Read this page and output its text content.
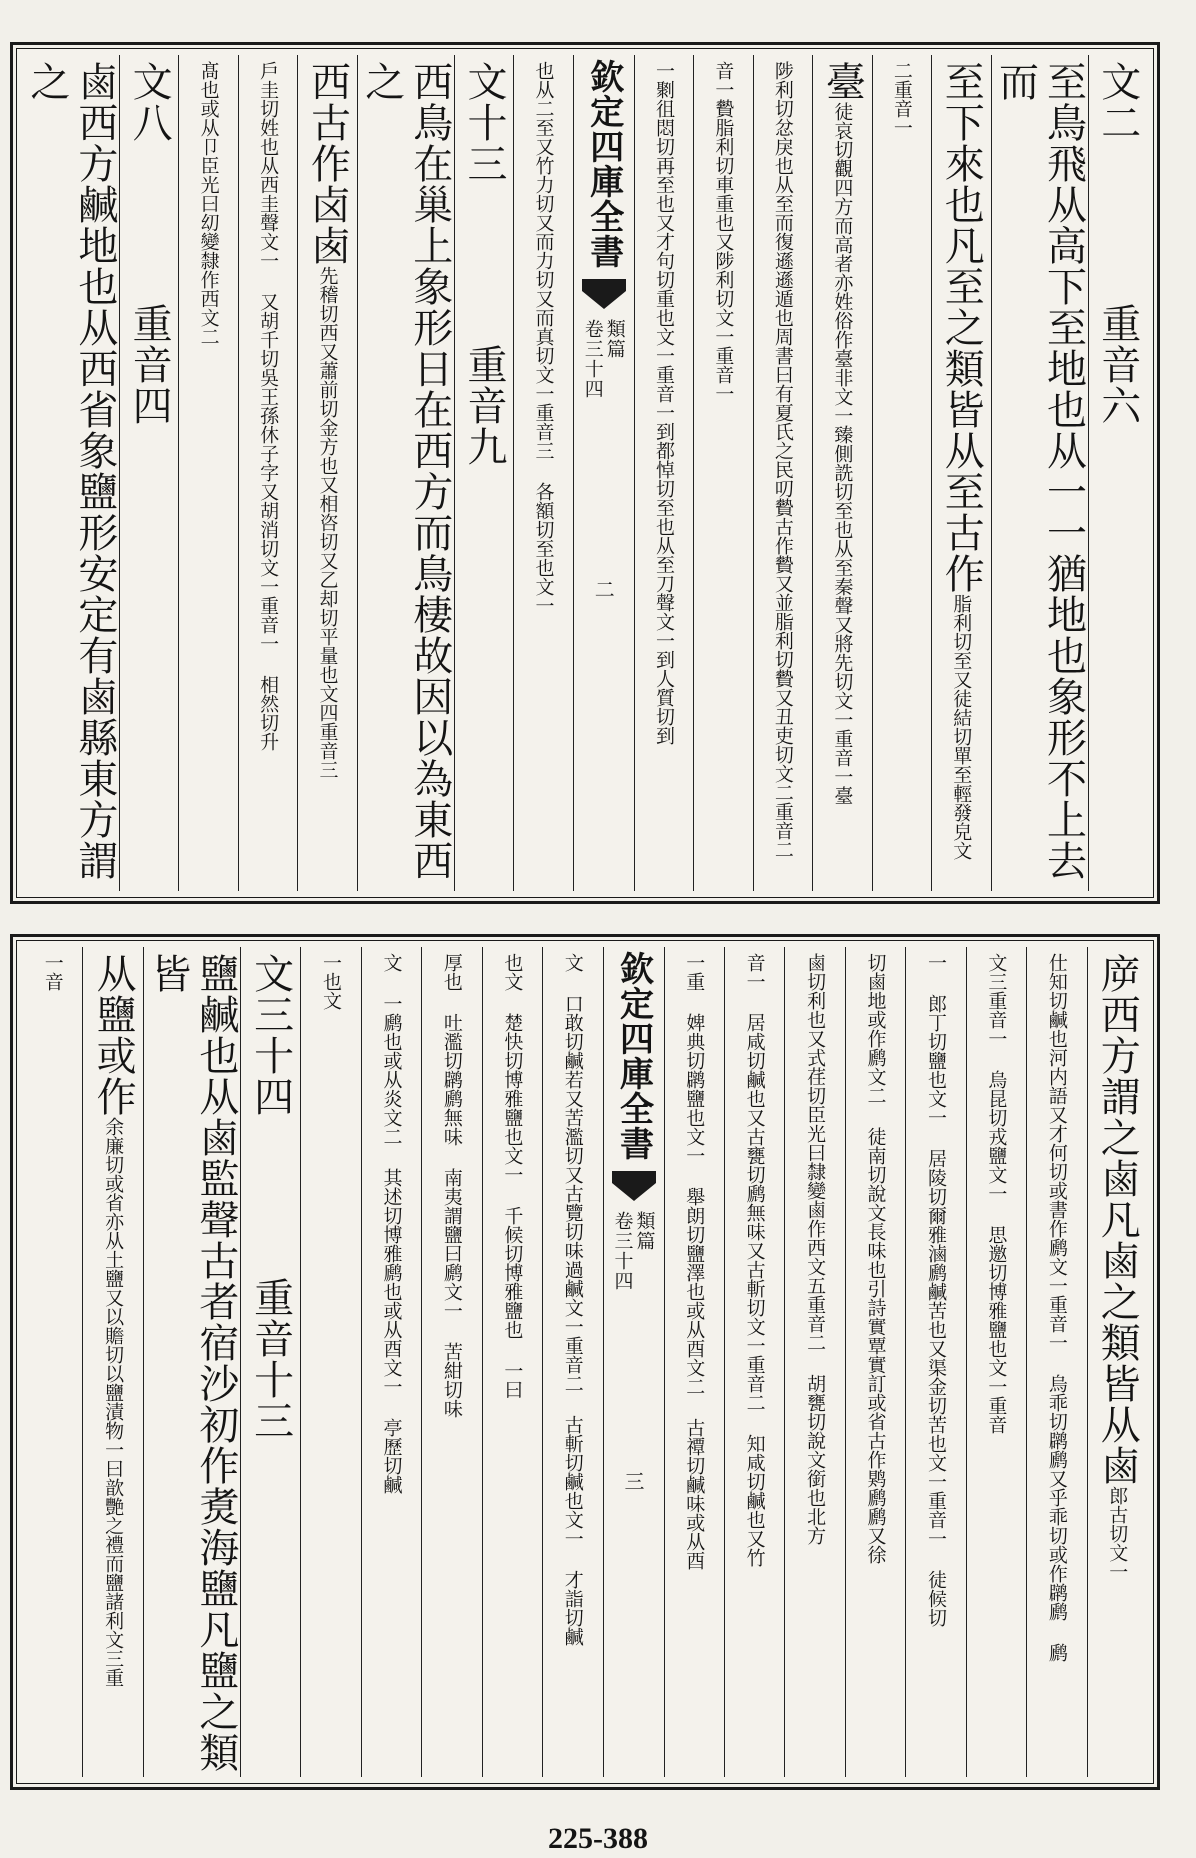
文二
重音六
至鳥飛从高下至地也从一一猶地也象形不上去而
至下來也凡至之類皆从至古作
脂利切至又徒結切單至輕發皃文
二重音一
臺
徒哀切觀四方而高者亦姓俗作臺非文一臻側詵切至也从至秦聲又將先切文一重音一臺
陟利切忿戾也从至而復遜遜遁也周書曰有夏氏之民叨䞇古作䞇又並脂利切䞇又丑吏切文二重音二
音一䞇脂利切車重也又陟利切文一重音一
一㔌徂悶切再至也又才句切重也文一重音一到都悼切至也从至刀聲文一到人質切到
欽定四庫全書
類篇
卷三十四
二
也从二至又竹力切又而力切又而真切文一重音三 各額切至也文一
文十三
重音九
西鳥在巢上象形日在西方而鳥棲故因以為東西之
西古作卤卥
先稽切西又蕭前切金方也又相咨切又乙却切平量也文四重音三
戶圭切姓也从西圭聲文一 又胡千切吳王孫休子字又胡消切文一重音一 相然切升
髙也或从卩臣光曰㓜變隸作西文二
文八
重音四
鹵西方鹹地也从西省象鹽形安定有鹵縣東方謂之
㡿西方謂之鹵凡鹵之類皆从鹵
郎古切文一
仕知切鹹也河内語又才何切或書作䴘文一重音一 烏乖切䴙䴘又乎乖切或作䴙䴘 䴘
文三重音一 烏昆切戎鹽文一 思邀切博雅鹽也文一重音
一 郎丁切鹽也文一 居陵切爾雅滷䴘鹹苦也又渠金切苦也文一重音一 徒候切
切鹵地或作䴘文二 徒南切說文長味也引詩實覃實訂或省古作䴗䴘䴘又徐
鹵切利也又式荏切臣光曰隸變鹵作西文五重音二 胡甕切說文銜也北方
音一 居咸切鹹也又古甕切䴘無味又古斬切文一重音二 知咸切鹹也又竹
一重 婢典切䴙鹽也文一 舉朗切鹽澤也或从酉文二 古禫切鹹味或从酉
欽定四庫全書
類篇
卷三十四
三
文 口敢切鹹若又苦濫切又古覽切味過鹹文一重音二 古斬切鹹也文一 才詣切鹹
也文 楚快切博雅鹽也文一 千候切博雅鹽也 一曰
厚也 吐濫切䴙䴘無味 南夷謂鹽曰䴘文一 苦紺切味
文 一䴘也或从炎文二 其述切博雅䴘也或从酉文一 亭歷切鹹
一也文
文三十四
重音十三
鹽鹹也从鹵監聲古者宿沙初作煑海鹽凡鹽之類皆
从鹽或作
余廉切或省亦从土鹽又以贍切以鹽漬物一曰歆艷之禮而鹽諸利文三重
一音
225-388
